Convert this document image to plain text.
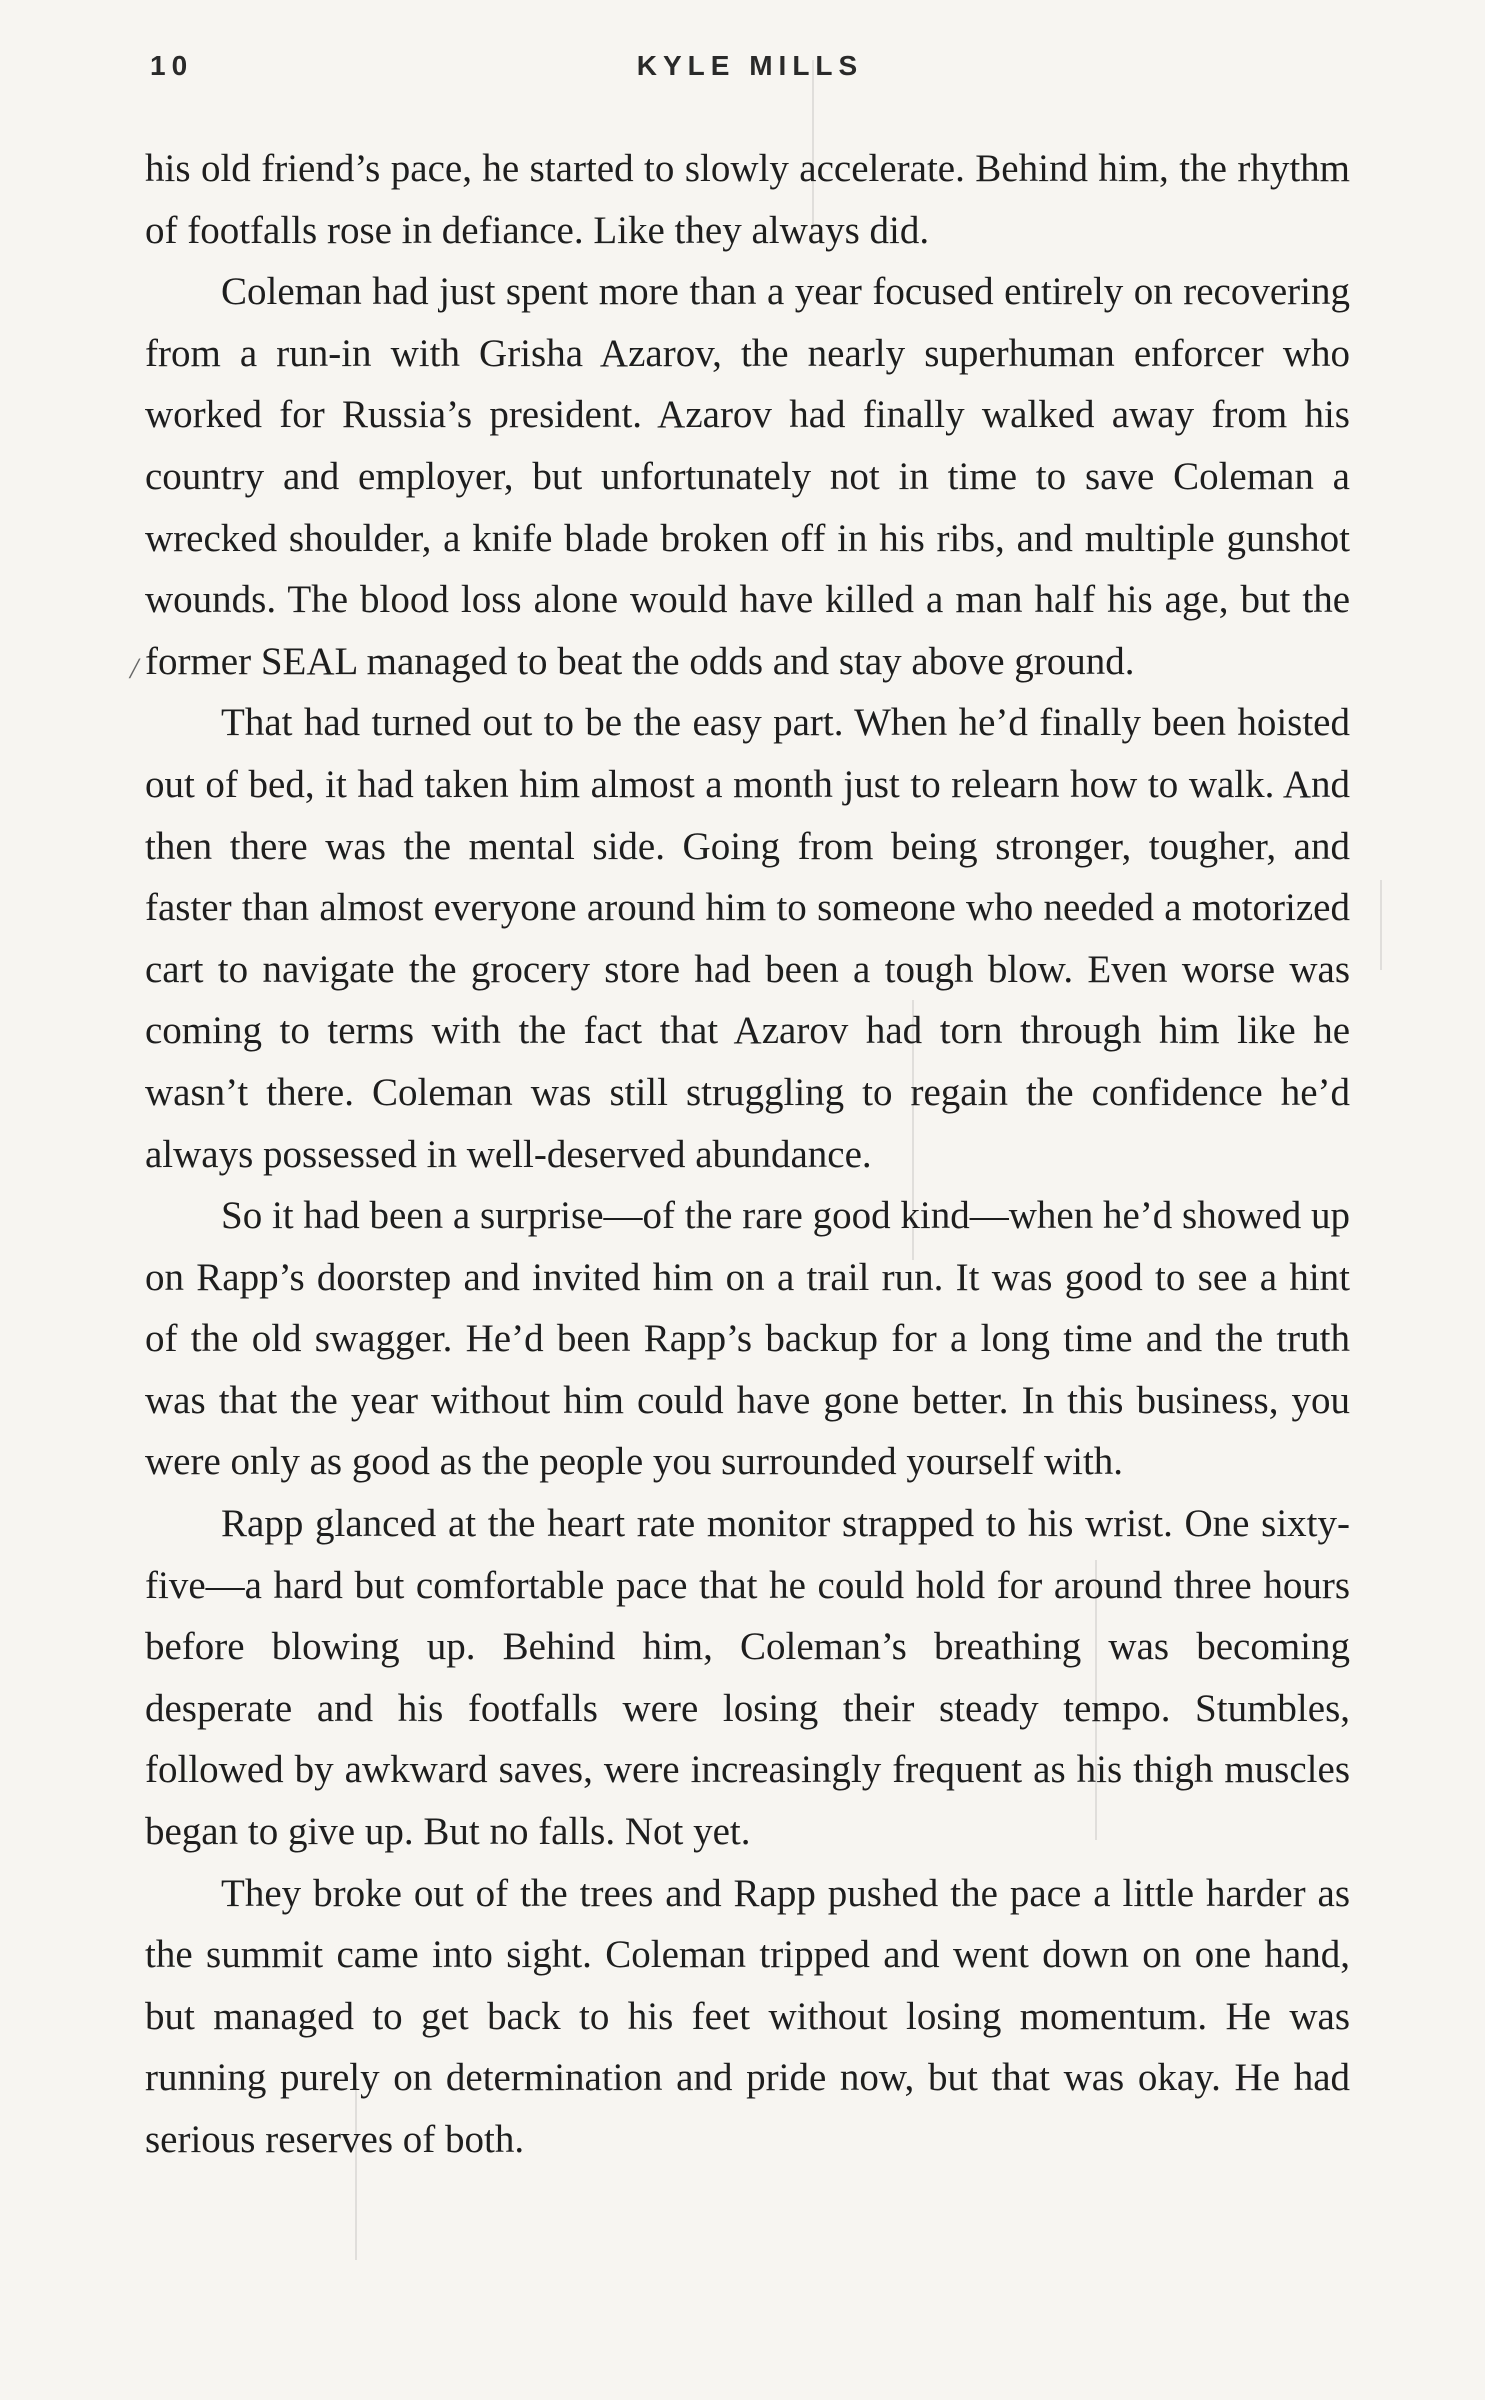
10	KYLE MILLS
/

his old friend’s pace, he started to slowly accelerate. Behind him, the rhythm of footfalls rose in defiance. Like they always did.

Coleman had just spent more than a year focused entirely on recovering from a run-in with Grisha Azarov, the nearly superhuman enforcer who worked for Russia’s president. Azarov had finally walked away from his country and employer, but unfortunately not in time to save Coleman a wrecked shoulder, a knife blade broken off in his ribs, and multiple gunshot wounds. The blood loss alone would have killed a man half his age, but the former SEAL managed to beat the odds and stay above ground.

That had turned out to be the easy part. When he’d finally been hoisted out of bed, it had taken him almost a month just to relearn how to walk. And then there was the mental side. Going from being stronger, tougher, and faster than almost everyone around him to someone who needed a motorized cart to navigate the grocery store had been a tough blow. Even worse was coming to terms with the fact that Azarov had torn through him like he wasn’t there. Coleman was still struggling to regain the confidence he’d always possessed in well-deserved abundance.

So it had been a surprise—of the rare good kind—when he’d showed up on Rapp’s doorstep and invited him on a trail run. It was good to see a hint of the old swagger. He’d been Rapp’s backup for a long time and the truth was that the year without him could have gone better. In this business, you were only as good as the people you surrounded yourself with.

Rapp glanced at the heart rate monitor strapped to his wrist. One sixty-five—a hard but comfortable pace that he could hold for around three hours before blowing up. Behind him, Coleman’s breathing was becoming desperate and his footfalls were losing their steady tempo. Stumbles, followed by awkward saves, were increasingly frequent as his thigh muscles began to give up. But no falls. Not yet.

They broke out of the trees and Rapp pushed the pace a little harder as the summit came into sight. Coleman tripped and went down on one hand, but managed to get back to his feet without losing momentum. He was running purely on determination and pride now, but that was okay. He had serious reserves of both.
